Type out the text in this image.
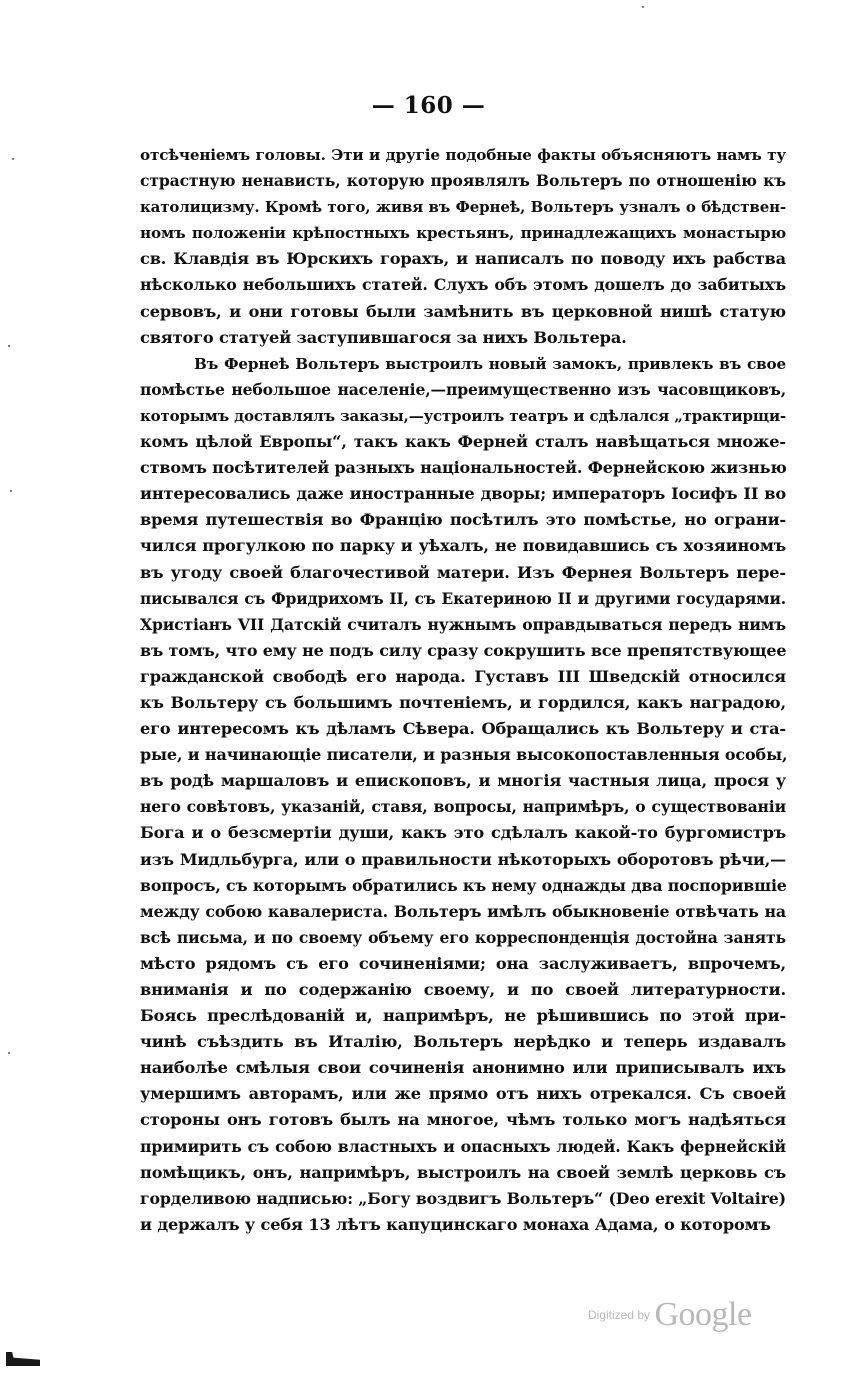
— 160 —
отсѣченіемъ головы. Эти и другіе подобные факты объясняютъ намъ ту
страстную ненависть, которую проявлялъ Вольтеръ по отношенію къ
католицизму. Кромѣ того, живя въ Фернеѣ, Вольтеръ узналъ о бѣдствен-
номъ положеніи крѣпостныхъ крестьянъ, принадлежащихъ монастырю
св. Клавдія въ Юрскихъ горахъ, и написалъ по поводу ихъ рабства
нѣсколько небольшихъ статей. Слухъ объ этомъ дошелъ до забитыхъ
сервовъ, и они готовы были замѣнить въ церковной нишѣ статую
святого статуей заступившагося за нихъ Вольтера.
Въ Фернеѣ Вольтеръ выстроилъ новый замокъ, привлекъ въ свое
помѣстье небольшое населеніе,—преимущественно изъ часовщиковъ,
которымъ доставлялъ заказы,—устроилъ театръ и сдѣлался „трактирщи-
комъ цѣлой Европы“, такъ какъ Ферней сталъ навѣщаться множе-
ствомъ посѣтителей разныхъ національностей. Фернейскою жизнью
интересовались даже иностранные дворы; императоръ Іосифъ II во
время путешествія во Францію посѣтилъ это помѣстье, но ограни-
чился прогулкою по парку и уѣхалъ, не повидавшись съ хозяиномъ
въ угоду своей благочестивой матери. Изъ Фернея Вольтеръ пере-
писывался съ Фридрихомъ II, съ Екатериною II и другими государями.
Христіанъ VII Датскій считалъ нужнымъ оправдываться передъ нимъ
въ томъ, что ему не подъ силу сразу сокрушить все препятствующее
гражданской свободѣ его народа. Густавъ III Шведскій относился
къ Вольтеру съ большимъ почтеніемъ, и гордился, какъ наградою,
его интересомъ къ дѣламъ Сѣвера. Обращались къ Вольтеру и ста-
рые, и начинающіе писатели, и разныя высокопоставленныя особы,
въ родѣ маршаловъ и епископовъ, и многія частныя лица, прося у
него совѣтовъ, указаній, ставя, вопросы, напримѣръ, о существованіи
Бога и о безсмертіи души, какъ это сдѣлалъ какой-то бургомистръ
изъ Мидльбурга, или о правильности нѣкоторыхъ оборотовъ рѣчи,—
вопросъ, съ которымъ обратились къ нему однажды два поспорившіе
между собою кавалериста. Вольтеръ имѣлъ обыкновеніе отвѣчать на
всѣ письма, и по своему объему его корреспонденція достойна занять
мѣсто рядомъ съ его сочиненіями; она заслуживаетъ, впрочемъ,
вниманія и по содержанію своему, и по своей литературности.
Боясь преслѣдованій и, напримѣръ, не рѣшившись по этой при-
чинѣ съѣздить въ Италію, Вольтеръ нерѣдко и теперь издавалъ
наиболѣе смѣлыя свои сочиненія анонимно или приписывалъ ихъ
умершимъ авторамъ, или же прямо отъ нихъ отрекался. Съ своей
стороны онъ готовъ былъ на многое, чѣмъ только могъ надѣяться
примирить съ собою властныхъ и опасныхъ людей. Какъ фернейскій
помѣщикъ, онъ, напримѣръ, выстроилъ на своей землѣ церковь съ
горделивою надписью: „Богу воздвигъ Вольтеръ“ (Deo erexit Voltaire)
и держалъ у себя 13 лѣтъ капуцинскаго монаха Адама, о которомъ
Digitized by Google
